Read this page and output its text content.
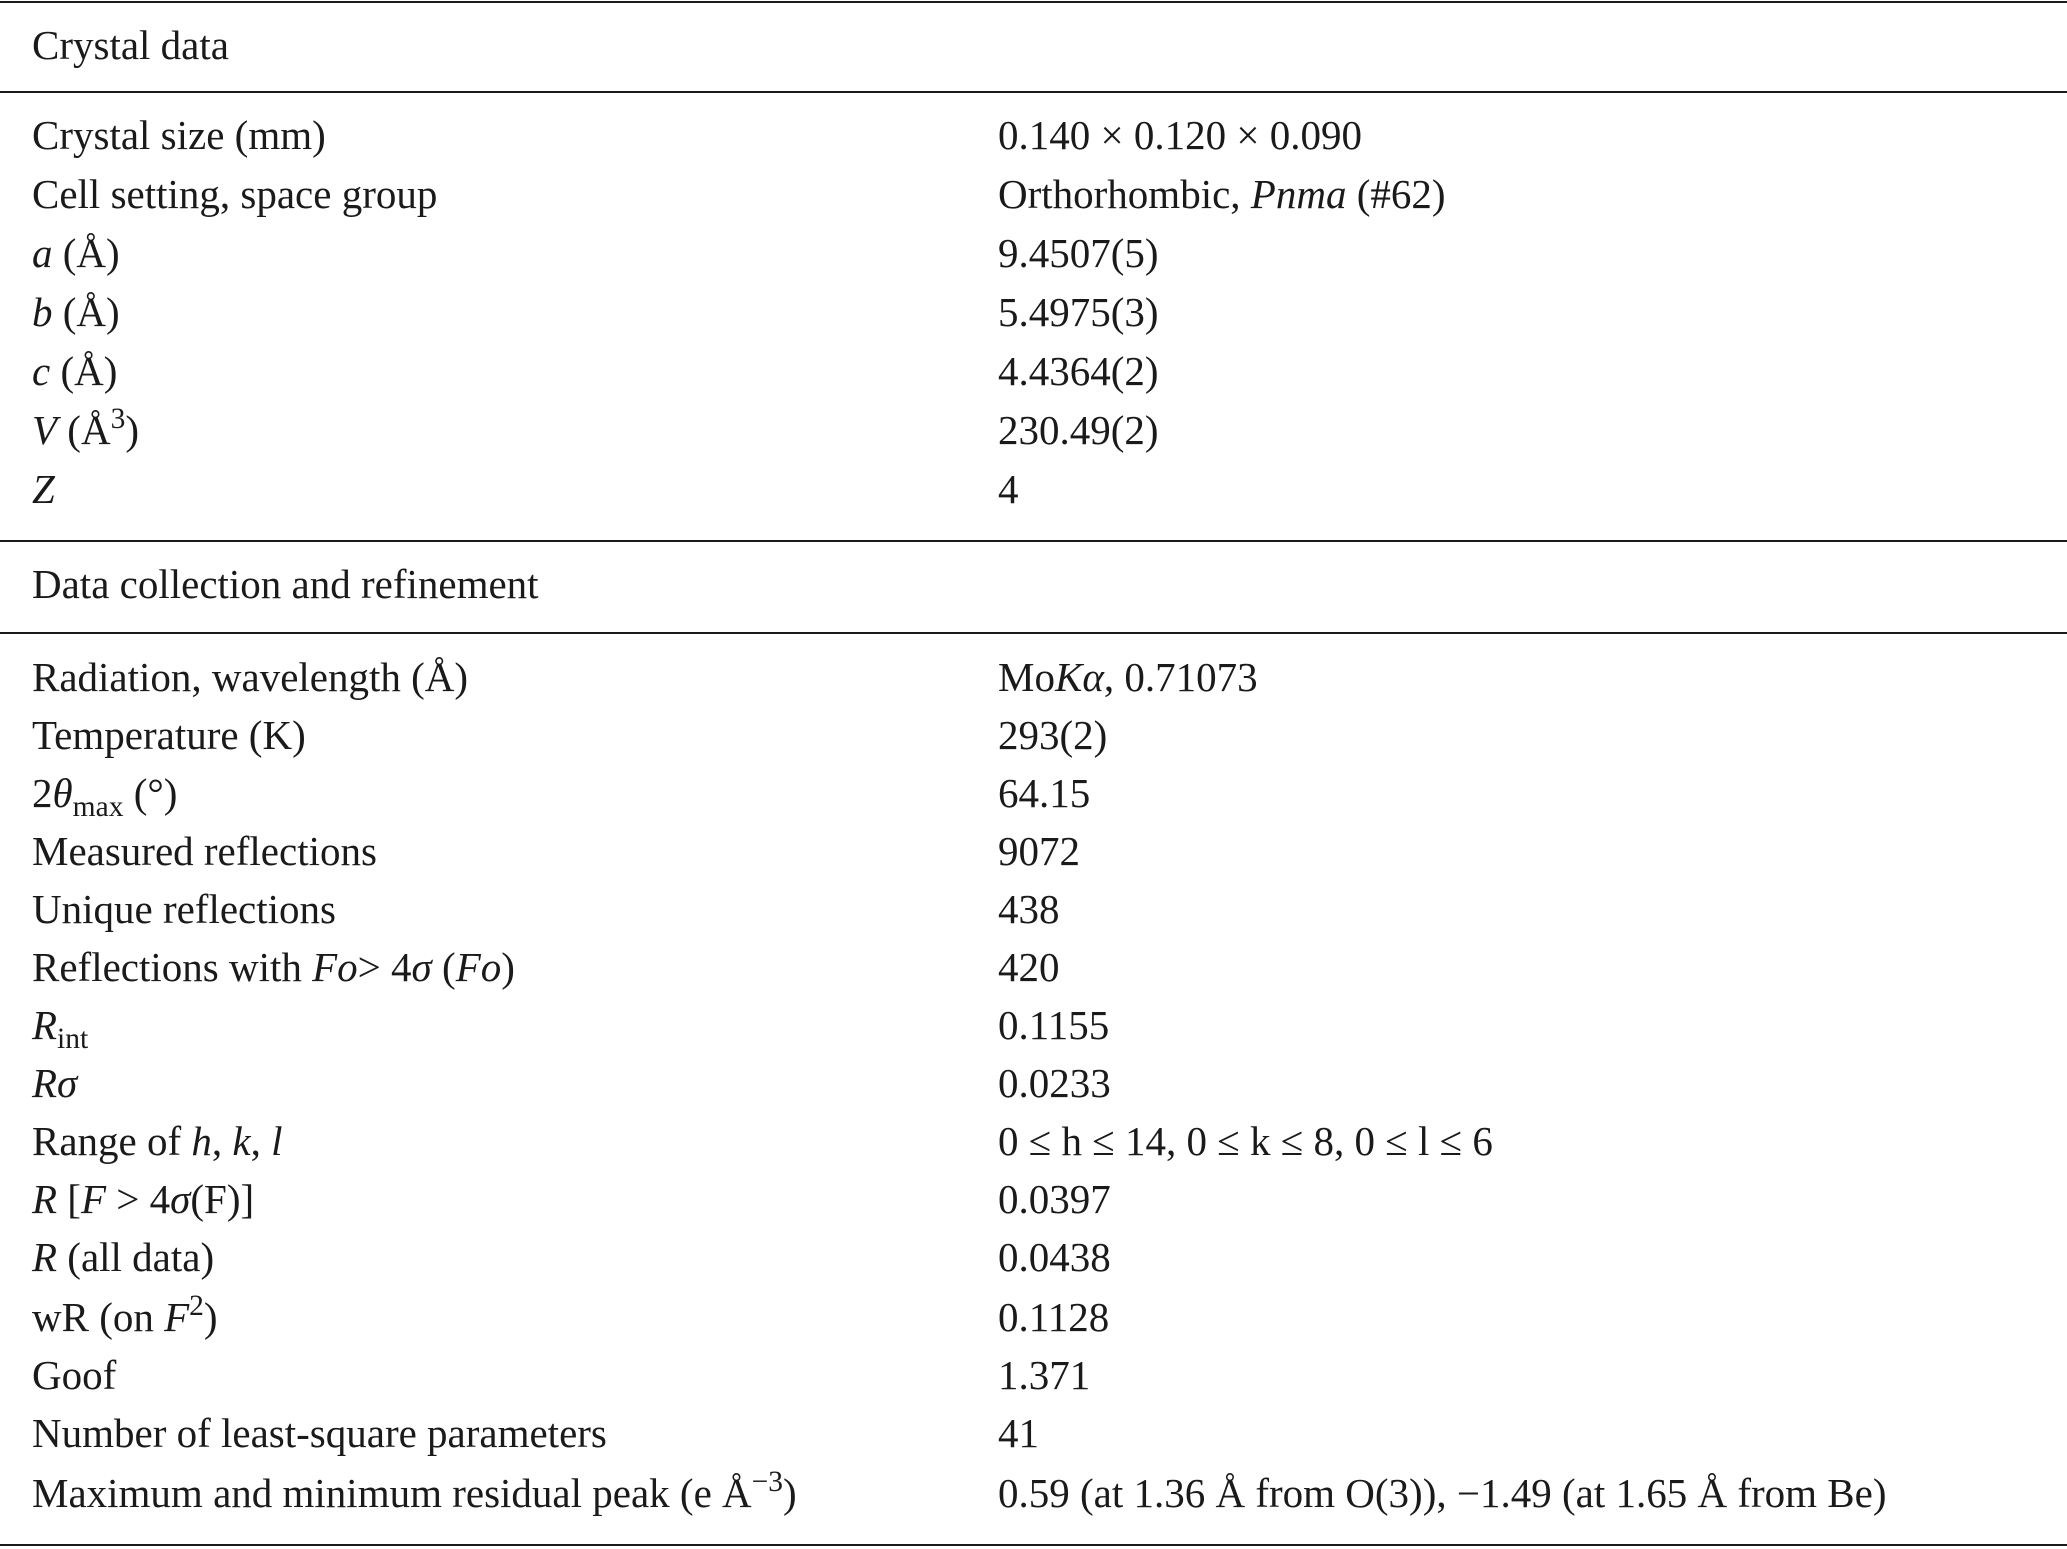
Crystal data
Crystal size (mm)	0.140 × 0.120 × 0.090
Cell setting, space group	Orthorhombic, Pnma (#62)
a (Å)	9.4507(5)
b (Å)	5.4975(3)
c (Å)	4.4364(2)
V $(Å^3)$	230.49(2)
Z	4
Data collection and refinement
Radiation, wavelength (Å)	MoKα, 0.71073
Temperature (K)	293(2)
$2\theta_{max}$ (°)	64.15
Measured reflections	9072
Unique reflections	438
Reflections with Fo> 4σ (Fo)	420
$R_{int}$	0.1155
Rσ	0.0233
Range of h, k, l	0 ≤ h ≤ 14, 0 ≤ k ≤ 8, 0 ≤ l ≤ 6
R [F > 4σ(F)]	0.0397
R (all data)	0.0438
wR (on $F^2$)	0.1128
Goof	1.371
Number of least-square parameters	41
Maximum and minimum residual peak (e $Å^{-3}$)	0.59 (at 1.36 Å from O(3)), −1.49 (at 1.65 Å from Be)
